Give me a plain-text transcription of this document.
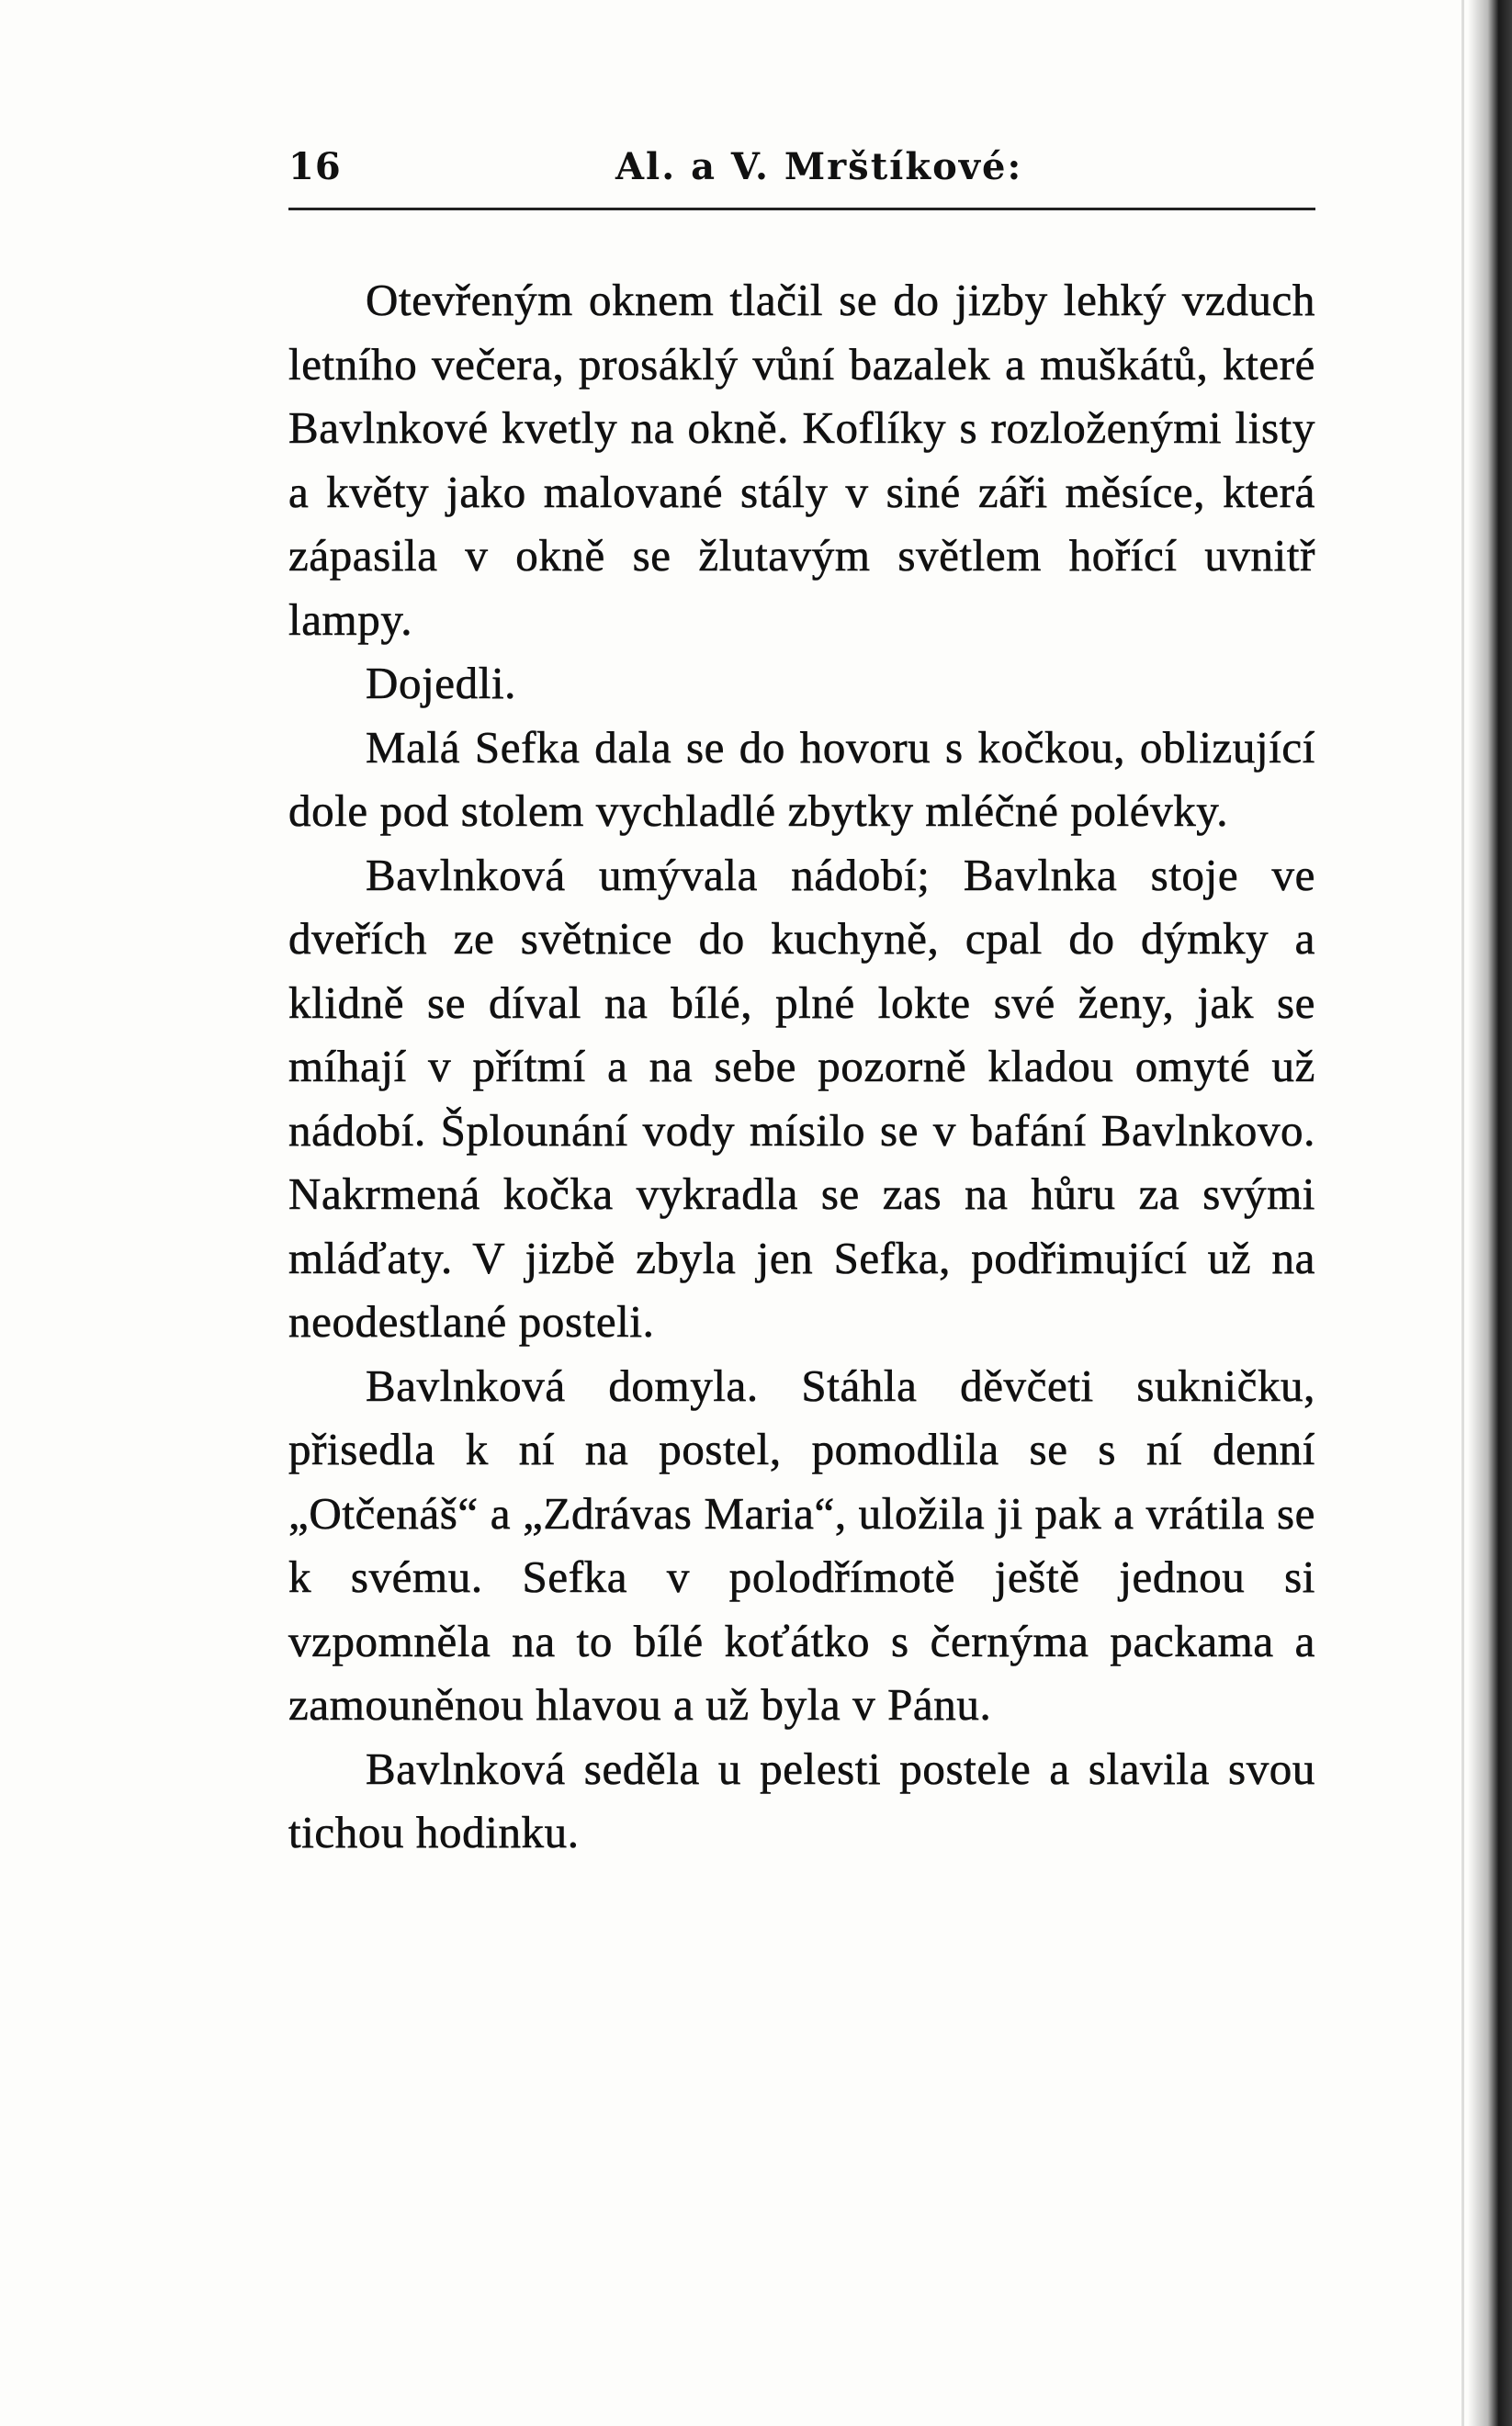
16	Al. a V. Mrštíkové:

Otevřeným oknem tlačil se do jizby lehký vzduch letního večera, prosáklý vůní bazalek a muškátů, které Bavlnkové kvetly na okně. Koflíky s rozloženými listy a květy jako malované stály v siné záři měsíce, která zápasila v okně se žlutavým světlem hořící uvnitř lampy.

Dojedli.

Malá Sefka dala se do hovoru s kočkou, oblizující dole pod stolem vychladlé zbytky mléčné polévky.

Bavlnková umývala nádobí; Bavlnka stoje ve dveřích ze světnice do kuchyně, cpal do dýmky a klidně se díval na bílé, plné lokte své ženy, jak se míhají v přítmí a na sebe pozorně kladou omyté už nádobí. Šplounání vody mísilo se v bafání Bavlnkovo. Nakrmená kočka vykradla se zas na hůru za svými mláďaty. V jizbě zbyla jen Sefka, podřimující už na neodestlané posteli.

Bavlnková domyla. Stáhla děvčeti sukničku, přisedla k ní na postel, pomodlila se s ní denní „Otčenáš“ a „Zdrávas Maria“, uložila ji pak a vrátila se k svému. Sefka v polodřímotě ještě jednou si vzpomněla na to bílé koťátko s černýma packama a zamouněnou hlavou a už byla v Pánu.

Bavlnková seděla u pelesti postele a slavila svou tichou hodinku.
